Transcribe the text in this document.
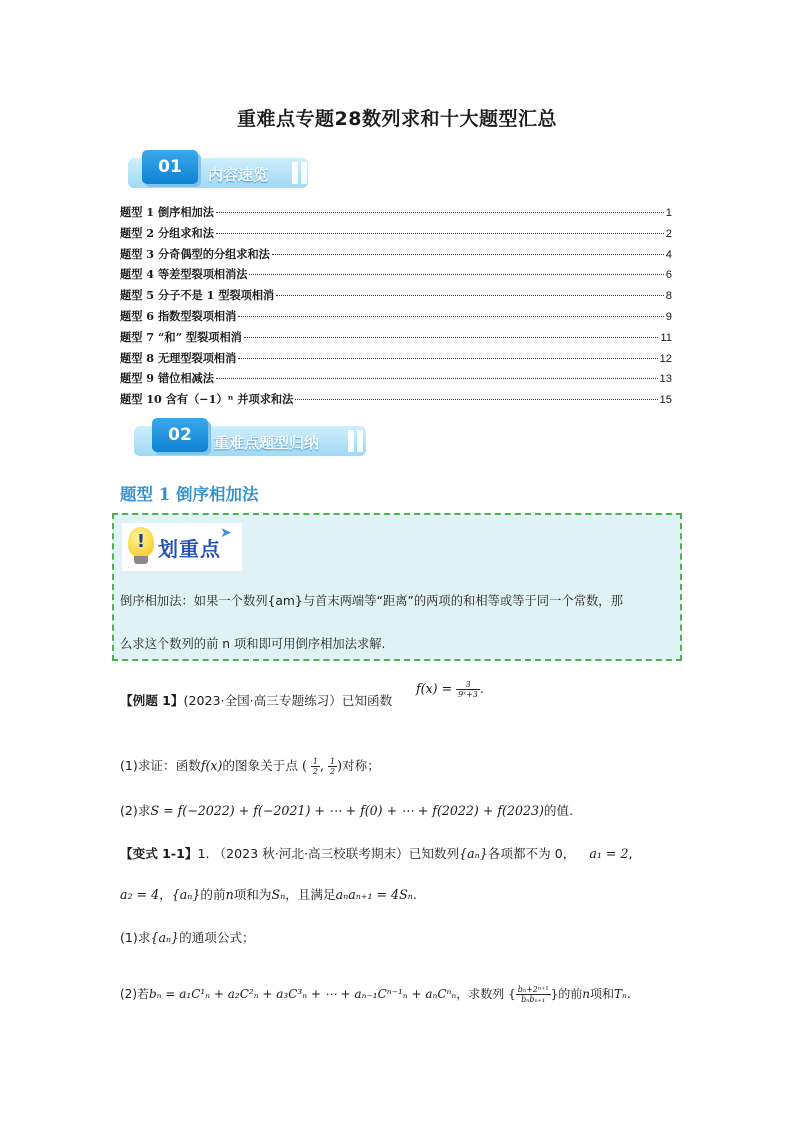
重难点专题28数列求和十大题型汇总
01	内容速览
题型 1 倒序相加法	1
题型 2 分组求和法	2
题型 3 分奇偶型的分组求和法	4
题型 4 等差型裂项相消法	6
题型 5 分子不是 1 型裂项相消	8
题型 6 指数型裂项相消	9
题型 7 “和” 型裂项相消	11
题型 8 无理型裂项相消	12
题型 9 错位相减法	13
题型 10 含有（−1）ⁿ 并项求和法	15
02	重难点题型归纳
题型 1 倒序相加法
! 划重点
➤
倒序相加法：如果一个数列{am}与首末两端等“距离”的两项的和相等或等于同一个常数，那
么求这个数列的前 n 项和即可用倒序相加法求解.
【例题 1】(2023·全国·高三专题练习）已知函数
$f(x) = \frac{3}{\text{9ˣ+3}}$ .
(1)求证：函数f(x)的图象关于点 ( $\frac{1}{2}$ , $\frac{1}{2}$ )对称；
(2)求S = f(−2022) + f(−2021) + ⋯ + f(0) + ⋯ + f(2022) + f(2023)的值.
【变式 1-1】1. （2023 秋·河北·高三校联考期末）已知数列{aₙ}各项都不为 0， a₁ = 2,
a₂ = 4，{aₙ}的前n项和为Sₙ，且满足aₙaₙ₊₁ = 4Sₙ.
(1)求{aₙ}的通项公式；
(2)若bₙ = a₁C¹ₙ + a₂C²ₙ + a₃C³ₙ + ⋯ + aₙ₋₁Cⁿ⁻¹ₙ + aₙCⁿₙ，求数列 { $\frac{\text{bₙ+2ⁿ⁺¹}}{\text{bₙbₙ₊₁}}$ }的前n项和Tₙ.
